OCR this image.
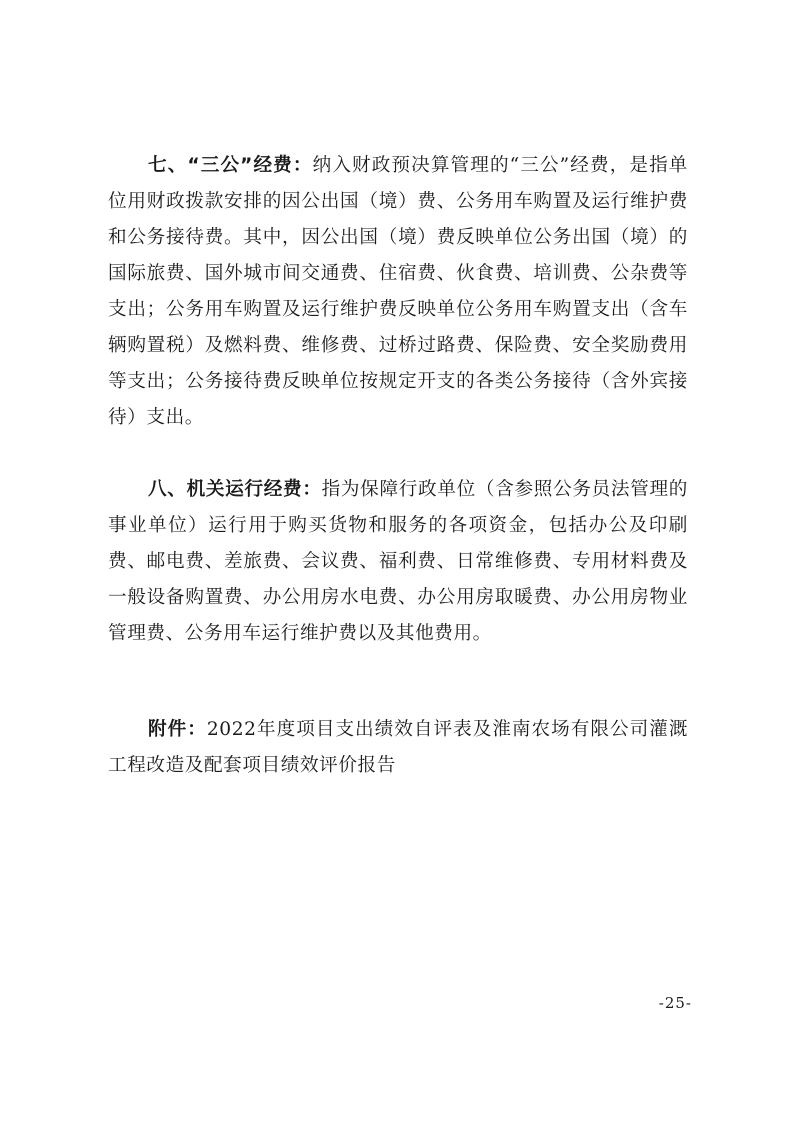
七、“三公”经费：纳入财政预决算管理的“三公”经费，是指单位用财政拨款安排的因公出国（境）费、公务用车购置及运行维护费和公务接待费。其中，因公出国（境）费反映单位公务出国（境）的国际旅费、国外城市间交通费、住宿费、伙食费、培训费、公杂费等支出；公务用车购置及运行维护费反映单位公务用车购置支出（含车辆购置税）及燃料费、维修费、过桥过路费、保险费、安全奖励费用等支出；公务接待费反映单位按规定开支的各类公务接待（含外宾接待）支出。

八、机关运行经费：指为保障行政单位（含参照公务员法管理的事业单位）运行用于购买货物和服务的各项资金，包括办公及印刷费、邮电费、差旅费、会议费、福利费、日常维修费、专用材料费及一般设备购置费、办公用房水电费、办公用房取暖费、办公用房物业管理费、公务用车运行维护费以及其他费用。

附件：2022年度项目支出绩效自评表及淮南农场有限公司灌溉工程改造及配套项目绩效评价报告

-25-
